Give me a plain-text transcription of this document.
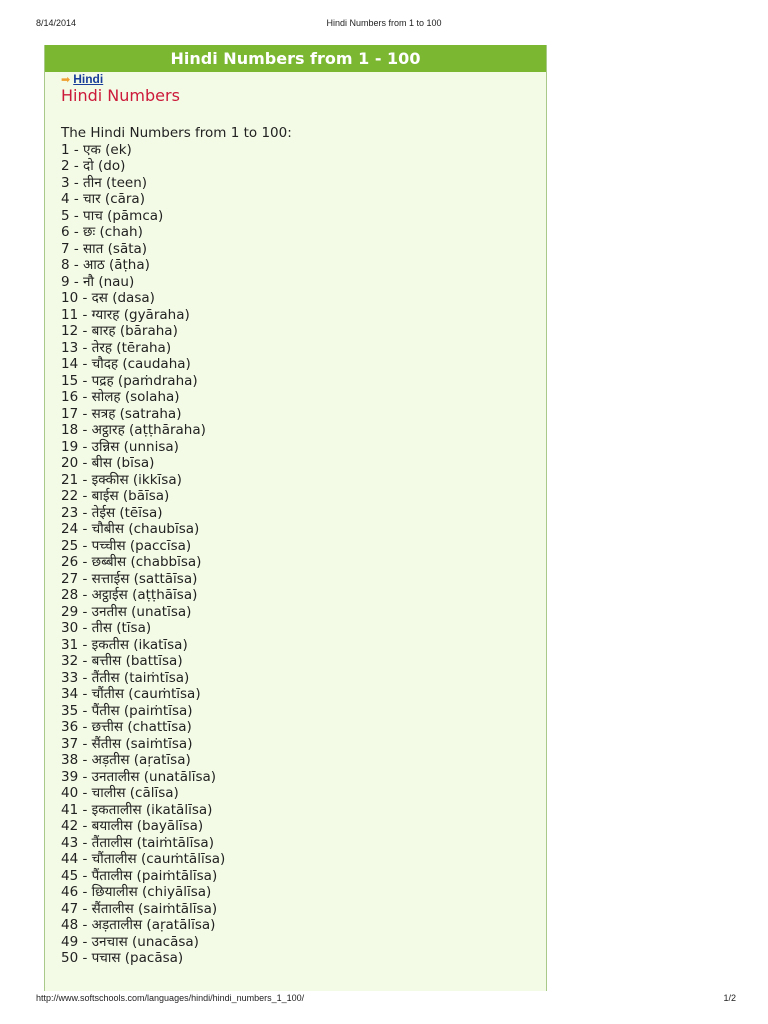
8/14/2014	Hindi Numbers from 1 to 100
Hindi Numbers from 1 - 100
➡ Hindi
Hindi Numbers
The Hindi Numbers from 1 to 100:
1 - एक (ek)
2 - दो (do)
3 - तीन (teen)
4 - चार (cāra)
5 - पाच (pāmca)
6 - छः (chah)
7 - सात (sāta)
8 - आठ (āṭha)
9 - नौ (nau)
10 - दस (dasa)
11 - ग्यारह (gyāraha)
12 - बारह (bāraha)
13 - तेरह (tēraha)
14 - चौदह (caudaha)
15 - पद्रह (paṁdraha)
16 - सोलह (solaha)
17 - सत्रह (satraha)
18 - अट्ठारह (aṭṭhāraha)
19 - उन्निस (unnisa)
20 - बीस (bīsa)
21 - इक्कीस (ikkīsa)
22 - बाईस (bāīsa)
23 - तेईस (tēīsa)
24 - चौबीस (chaubīsa)
25 - पच्चीस (paccīsa)
26 - छब्बीस (chabbīsa)
27 - सत्ताईस (sattāīsa)
28 - अट्ठाईस (aṭṭhāīsa)
29 - उनतीस (unatīsa)
30 - तीस (tīsa)
31 - इकतीस (ikatīsa)
32 - बत्तीस (battīsa)
33 - तैंतीस (taiṁtīsa)
34 - चौंतीस (cauṁtīsa)
35 - पैंतीस (paiṁtīsa)
36 - छत्तीस (chattīsa)
37 - सैंतीस (saiṁtīsa)
38 - अड़तीस (aṛatīsa)
39 - उनतालीस (unatālīsa)
40 - चालीस (cālīsa)
41 - इकतालीस (ikatālīsa)
42 - बयालीस (bayālīsa)
43 - तैंतालीस (taiṁtālīsa)
44 - चौंतालीस (cauṁtālīsa)
45 - पैंतालीस (paiṁtālīsa)
46 - छियालीस (chiyālīsa)
47 - सैंतालीस (saiṁtālīsa)
48 - अड़तालीस (aṛatālīsa)
49 - उनचास (unacāsa)
50 - पचास (pacāsa)
http://www.softschools.com/languages/hindi/hindi_numbers_1_100/	1/2
